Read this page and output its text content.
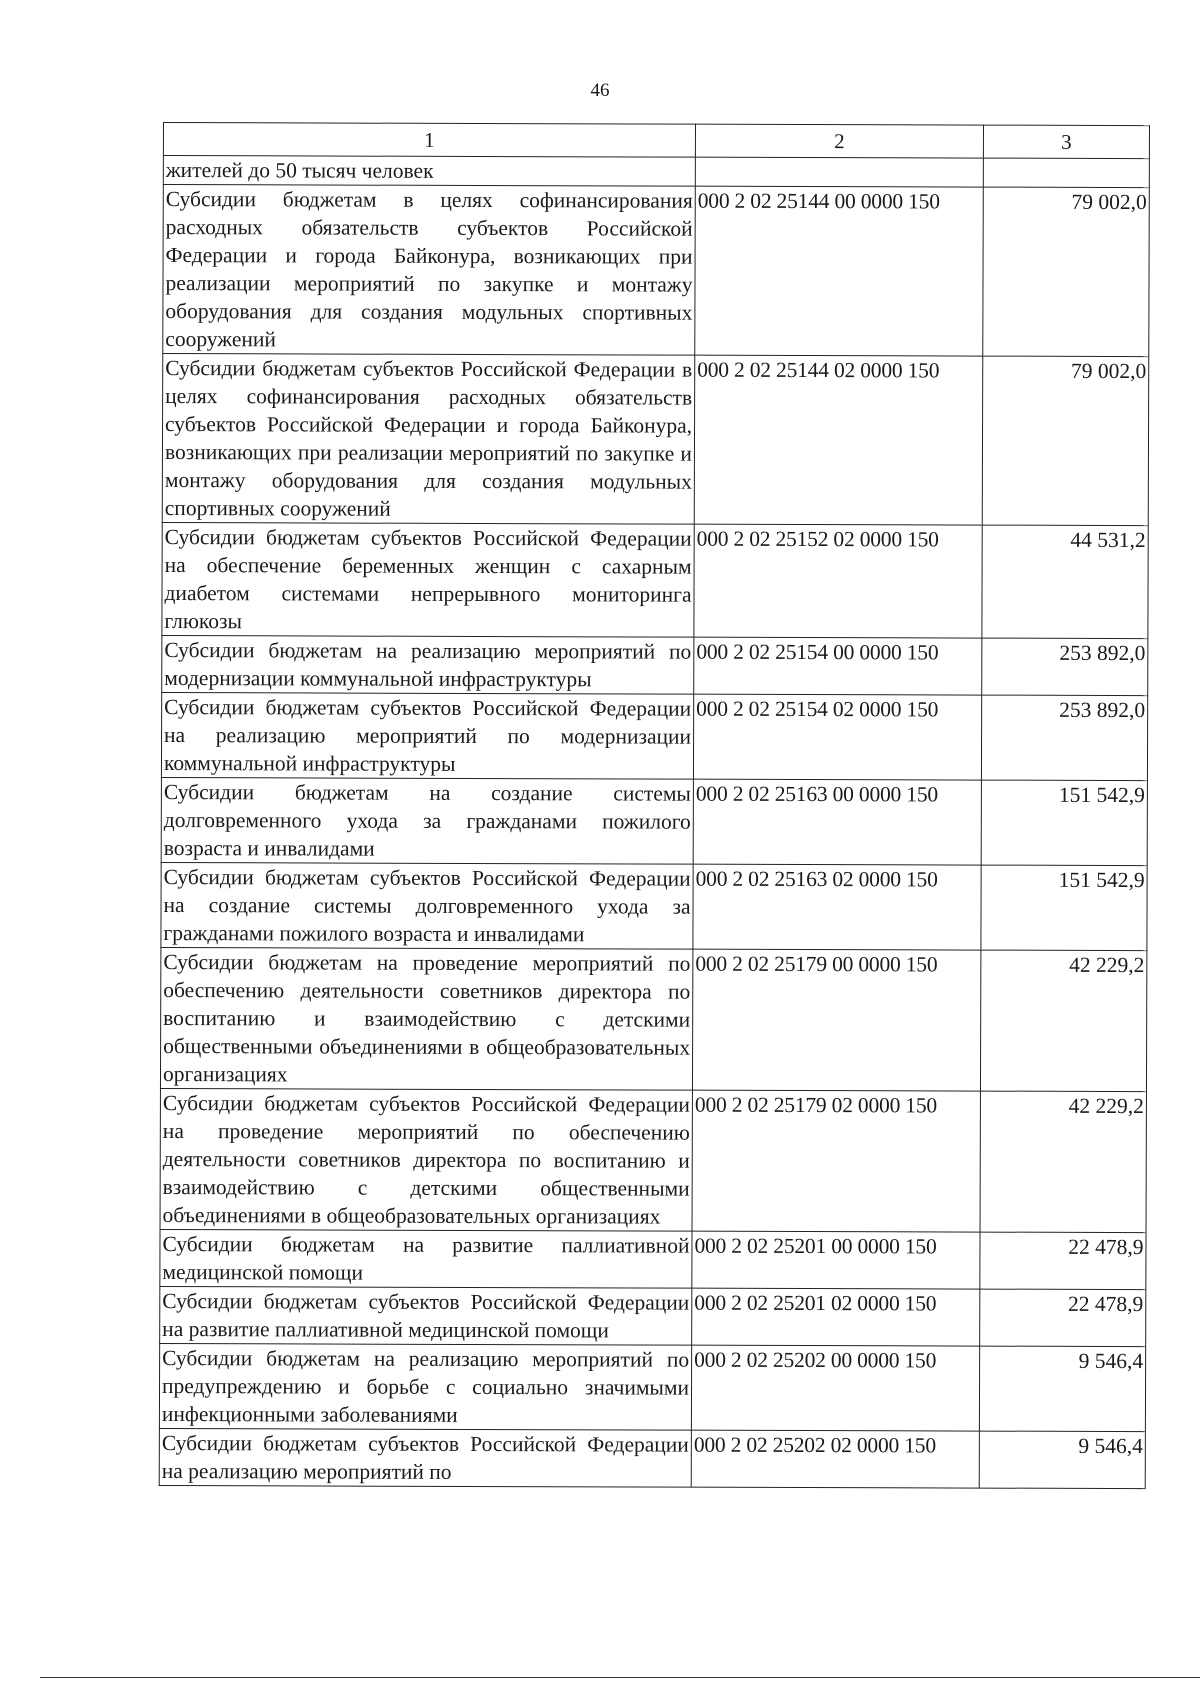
46
1	2	3
жителей до 50 тысяч человек		
Субсидии бюджетам в целях софинансирования расходных обязательств субъектов Российской Федерации и города Байконура, возникающих при реализации мероприятий по закупке и монтажу оборудования для создания модульных спортивных сооружений	000 2 02 25144 00 0000 150	79 002,0
Субсидии бюджетам субъектов Российской Федерации в целях софинансирования расходных обязательств субъектов Российской Федерации и города Байконура, возникающих при реализации мероприятий по закупке и монтажу оборудования для создания модульных спортивных сооружений	000 2 02 25144 02 0000 150	79 002,0
Субсидии бюджетам субъектов Российской Федерации на обеспечение беременных женщин с сахарным диабетом системами непрерывного мониторинга глюкозы	000 2 02 25152 02 0000 150	44 531,2
Субсидии бюджетам на реализацию мероприятий по модернизации коммунальной инфраструктуры	000 2 02 25154 00 0000 150	253 892,0
Субсидии бюджетам субъектов Российской Федерации на реализацию мероприятий по модернизации коммунальной инфраструктуры	000 2 02 25154 02 0000 150	253 892,0
Субсидии бюджетам на создание системы долговременного ухода за гражданами пожилого возраста и инвалидами	000 2 02 25163 00 0000 150	151 542,9
Субсидии бюджетам субъектов Российской Федерации на создание системы долговременного ухода за гражданами пожилого возраста и инвалидами	000 2 02 25163 02 0000 150	151 542,9
Субсидии бюджетам на проведение мероприятий по обеспечению деятельности советников директора по воспитанию и взаимодействию с детскими общественными объединениями в общеобразовательных организациях	000 2 02 25179 00 0000 150	42 229,2
Субсидии бюджетам субъектов Российской Федерации на проведение мероприятий по обеспечению деятельности советников директора по воспитанию и взаимодействию с детскими общественными объединениями в общеобразовательных организациях	000 2 02 25179 02 0000 150	42 229,2
Субсидии бюджетам на развитие паллиативной медицинской помощи	000 2 02 25201 00 0000 150	22 478,9
Субсидии бюджетам субъектов Российской Федерации на развитие паллиативной медицинской помощи	000 2 02 25201 02 0000 150	22 478,9
Субсидии бюджетам на реализацию мероприятий по предупреждению и борьбе с социально значимыми инфекционными заболеваниями	000 2 02 25202 00 0000 150	9 546,4
Субсидии бюджетам субъектов Российской Федерации на реализацию мероприятий по	000 2 02 25202 02 0000 150	9 546,4
